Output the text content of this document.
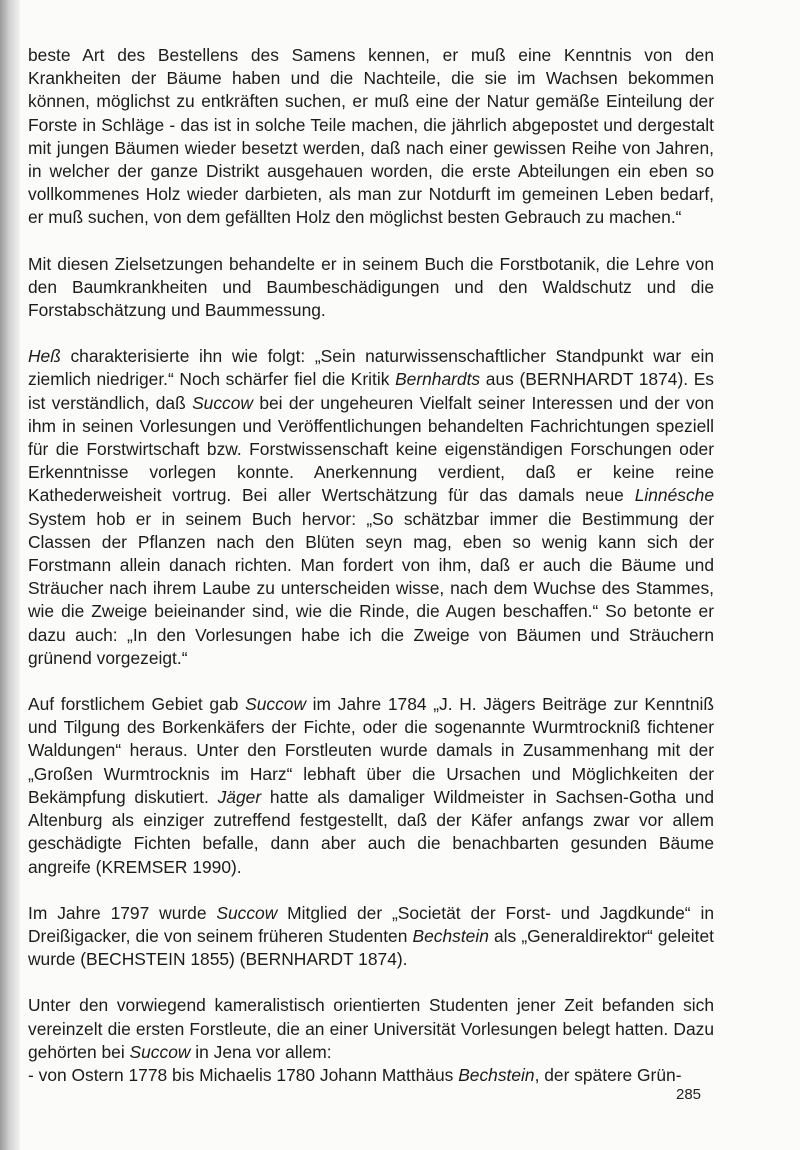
beste Art des Bestellens des Samens kennen, er muß eine Kenntnis von den Krankheiten der Bäume haben und die Nachteile, die sie im Wachsen bekommen können, möglichst zu entkräften suchen, er muß eine der Natur gemäße Einteilung der Forste in Schläge - das ist in solche Teile machen, die jährlich abgepostet und dergestalt mit jungen Bäumen wieder besetzt werden, daß nach einer gewissen Reihe von Jahren, in welcher der ganze Distrikt ausgehauen worden, die erste Abteilungen ein eben so vollkommenes Holz wieder darbieten, als man zur Notdurft im gemeinen Leben bedarf, er muß suchen, von dem gefällten Holz den möglichst besten Gebrauch zu machen.“

Mit diesen Zielsetzungen behandelte er in seinem Buch die Forstbotanik, die Lehre von den Baumkrankheiten und Baumbeschädigungen und den Waldschutz und die Forstabschätzung und Baummessung.

Heß charakterisierte ihn wie folgt: „Sein naturwissenschaftlicher Standpunkt war ein ziemlich niedriger.“ Noch schärfer fiel die Kritik Bernhardts aus (BERNHARDT 1874). Es ist verständlich, daß Succow bei der ungeheuren Vielfalt seiner Interessen und der von ihm in seinen Vorlesungen und Veröffentlichungen behandelten Fachrichtungen speziell für die Forstwirtschaft bzw. Forstwissenschaft keine eigenständigen Forschungen oder Erkenntnisse vorlegen konnte. Anerkennung verdient, daß er keine reine Kathederweisheit vortrug. Bei aller Wertschätzung für das damals neue Linnésche System hob er in seinem Buch hervor: „So schätzbar immer die Bestimmung der Classen der Pflanzen nach den Blüten seyn mag, eben so wenig kann sich der Forstmann allein danach richten. Man fordert von ihm, daß er auch die Bäume und Sträucher nach ihrem Laube zu unterscheiden wisse, nach dem Wuchse des Stammes, wie die Zweige beieinander sind, wie die Rinde, die Augen beschaffen.“ So betonte er dazu auch: „In den Vorlesungen habe ich die Zweige von Bäumen und Sträuchern grünend vorgezeigt.“

Auf forstlichem Gebiet gab Succow im Jahre 1784 „J. H. Jägers Beiträge zur Kenntniß und Tilgung des Borkenkäfers der Fichte, oder die sogenannte Wurmtrockniß fichtener Waldungen“ heraus. Unter den Forstleuten wurde damals in Zusammenhang mit der „Großen Wurmtrocknis im Harz“ lebhaft über die Ursachen und Möglichkeiten der Bekämpfung diskutiert. Jäger hatte als damaliger Wildmeister in Sachsen-Gotha und Altenburg als einziger zutreffend festgestellt, daß der Käfer anfangs zwar vor allem geschädigte Fichten befalle, dann aber auch die benachbarten gesunden Bäume angreife (KREMSER 1990).

Im Jahre 1797 wurde Succow Mitglied der „Societät der Forst- und Jagdkunde“ in Dreißigacker, die von seinem früheren Studenten Bechstein als „Generaldirektor“ geleitet wurde (BECHSTEIN 1855) (BERNHARDT 1874).

Unter den vorwiegend kameralistisch orientierten Studenten jener Zeit befanden sich vereinzelt die ersten Forstleute, die an einer Universität Vorlesungen belegt hatten. Dazu gehörten bei Succow in Jena vor allem:
- von Ostern 1778 bis Michaelis 1780 Johann Matthäus Bechstein, der spätere Grün-

285
